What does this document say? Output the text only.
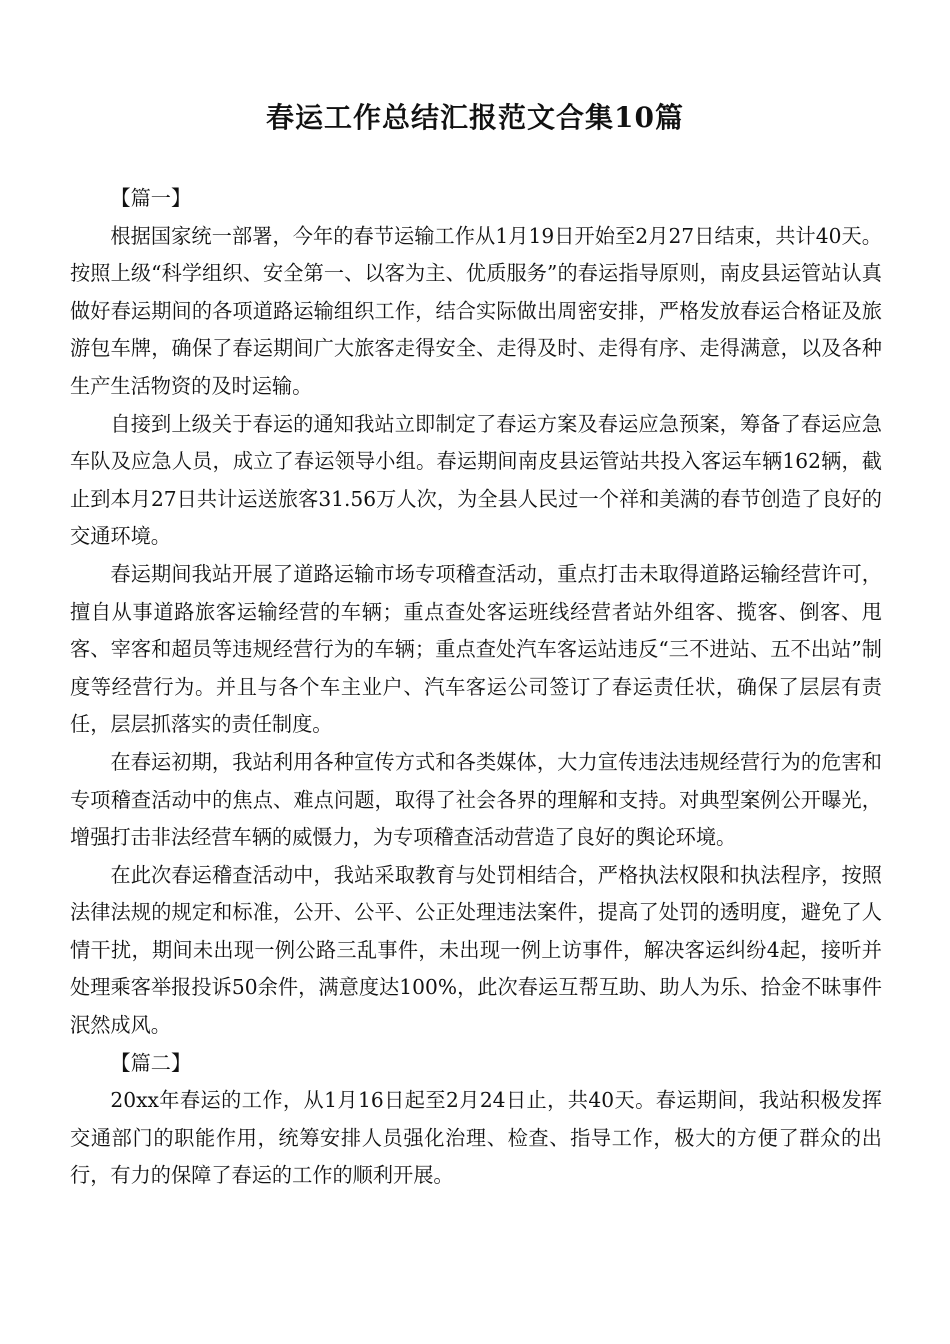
春运工作总结汇报范文合集10篇

【篇一】

根据国家统一部署，今年的春节运输工作从1月19日开始至2月27日结束，共计40天。按照上级“科学组织、安全第一、以客为主、优质服务”的春运指导原则，南皮县运管站认真做好春运期间的各项道路运输组织工作，结合实际做出周密安排，严格发放春运合格证及旅游包车牌，确保了春运期间广大旅客走得安全、走得及时、走得有序、走得满意，以及各种生产生活物资的及时运输。

自接到上级关于春运的通知我站立即制定了春运方案及春运应急预案，筹备了春运应急车队及应急人员，成立了春运领导小组。春运期间南皮县运管站共投入客运车辆162辆，截止到本月27日共计运送旅客31.56万人次，为全县人民过一个祥和美满的春节创造了良好的交通环境。

春运期间我站开展了道路运输市场专项稽查活动，重点打击未取得道路运输经营许可，擅自从事道路旅客运输经营的车辆；重点查处客运班线经营者站外组客、揽客、倒客、甩客、宰客和超员等违规经营行为的车辆；重点查处汽车客运站违反“三不进站、五不出站”制度等经营行为。并且与各个车主业户、汽车客运公司签订了春运责任状，确保了层层有责任，层层抓落实的责任制度。

在春运初期，我站利用各种宣传方式和各类媒体，大力宣传违法违规经营行为的危害和专项稽查活动中的焦点、难点问题，取得了社会各界的理解和支持。对典型案例公开曝光，增强打击非法经营车辆的威慑力，为专项稽查活动营造了良好的舆论环境。

在此次春运稽查活动中，我站采取教育与处罚相结合，严格执法权限和执法程序，按照法律法规的规定和标准，公开、公平、公正处理违法案件，提高了处罚的透明度，避免了人情干扰，期间未出现一例公路三乱事件，未出现一例上访事件，解决客运纠纷4起，接听并处理乘客举报投诉50余件，满意度达100%，此次春运互帮互助、助人为乐、拾金不昧事件泯然成风。

【篇二】

20xx年春运的工作，从1月16日起至2月24日止，共40天。春运期间，我站积极发挥交通部门的职能作用，统筹安排人员强化治理、检查、指导工作，极大的方便了群众的出行，有力的保障了春运的工作的顺利开展。
